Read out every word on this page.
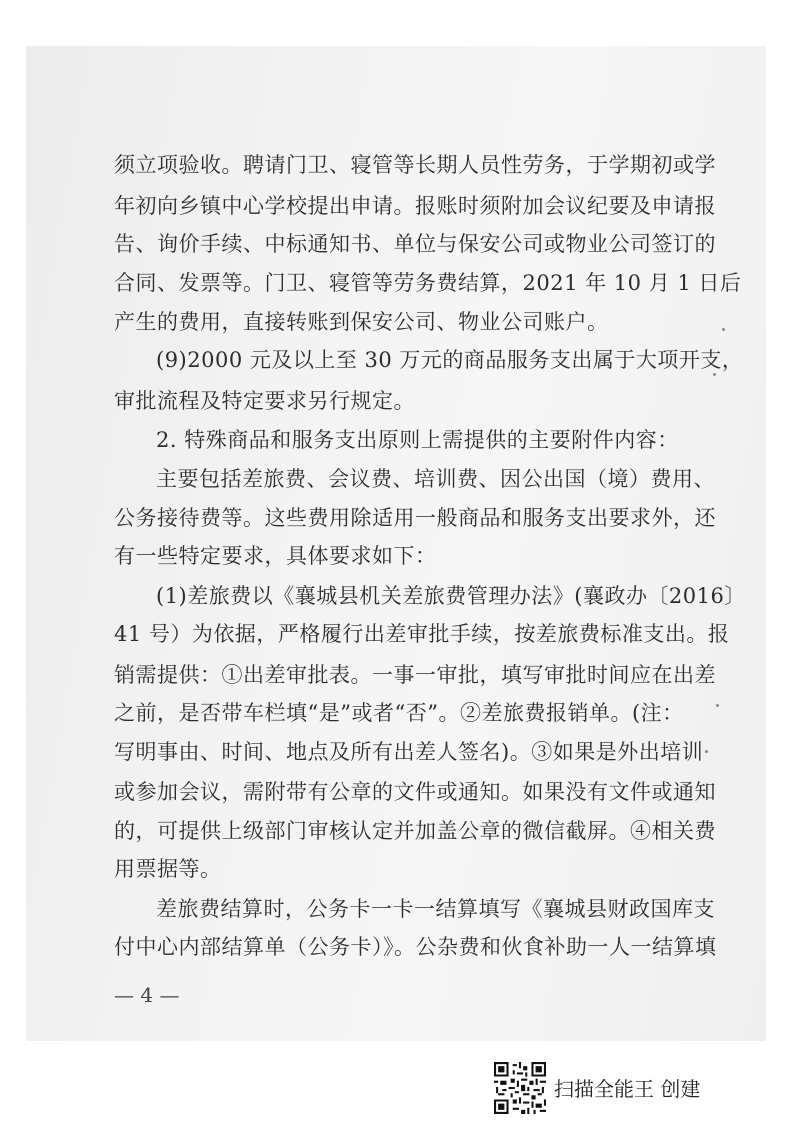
须立项验收。聘请门卫、寝管等长期人员性劳务，于学期初或学
年初向乡镇中心学校提出申请。报账时须附加会议纪要及申请报
告、询价手续、中标通知书、单位与保安公司或物业公司签订的
合同、发票等。门卫、寝管等劳务费结算，2021 年 10 月 1 日后
产生的费用，直接转账到保安公司、物业公司账户。
(9)2000 元及以上至 30 万元的商品服务支出属于大项开支，
审批流程及特定要求另行规定。
2. 特殊商品和服务支出原则上需提供的主要附件内容：
主要包括差旅费、会议费、培训费、因公出国（境）费用、
公务接待费等。这些费用除适用一般商品和服务支出要求外，还
有一些特定要求，具体要求如下：
(1)差旅费以《襄城县机关差旅费管理办法》(襄政办〔2016〕
41 号）为依据，严格履行出差审批手续，按差旅费标准支出。报
销需提供：①出差审批表。一事一审批，填写审批时间应在出差
之前，是否带车栏填“是”或者“否”。②差旅费报销单。(注：
写明事由、时间、地点及所有出差人签名)。③如果是外出培训
或参加会议，需附带有公章的文件或通知。如果没有文件或通知
的，可提供上级部门审核认定并加盖公章的微信截屏。④相关费
用票据等。
差旅费结算时，公务卡一卡一结算填写《襄城县财政国库支
付中心内部结算单（公务卡）》。公杂费和伙食补助一人一结算填
— 4 —
扫描全能王 创建
